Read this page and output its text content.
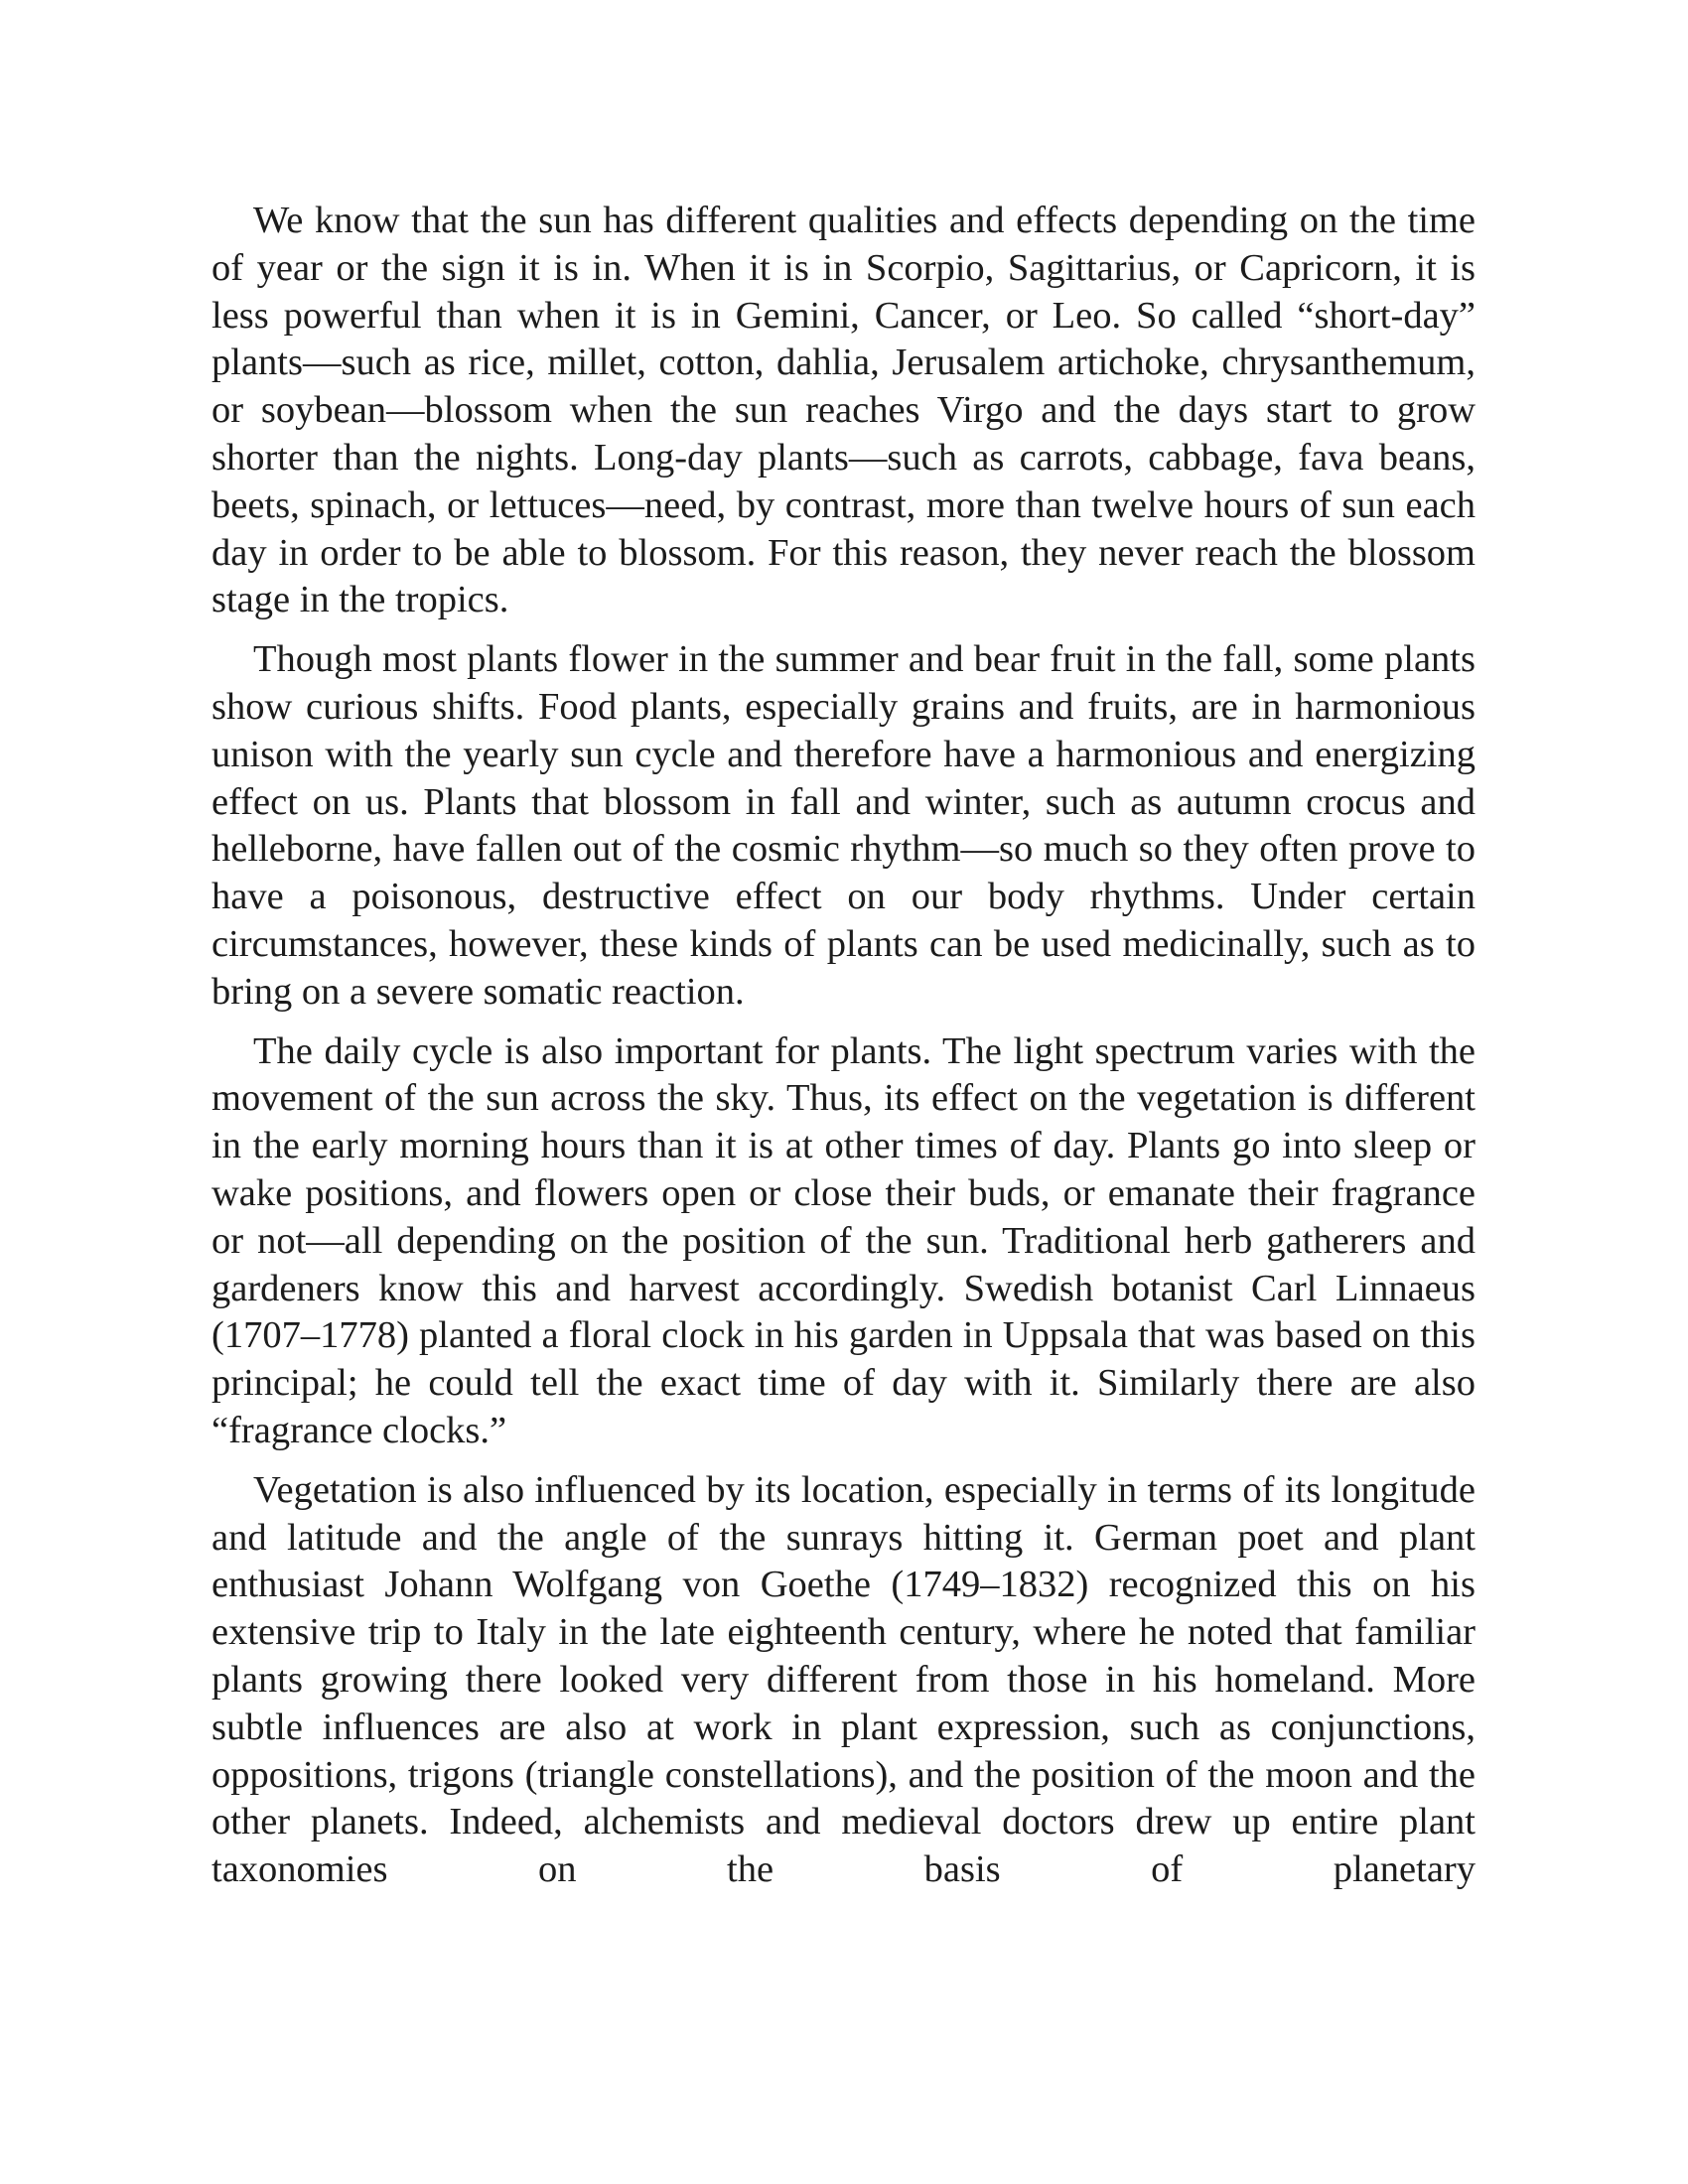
We know that the sun has different qualities and effects depending on the time of year or the sign it is in. When it is in Scorpio, Sagittarius, or Capricorn, it is less powerful than when it is in Gemini, Cancer, or Leo. So called “short-day” plants—such as rice, millet, cotton, dahlia, Jerusalem artichoke, chrysanthemum, or soybean—blossom when the sun reaches Virgo and the days start to grow shorter than the nights. Long-day plants—such as carrots, cabbage, fava beans, beets, spinach, or lettuces—need, by contrast, more than twelve hours of sun each day in order to be able to blossom. For this reason, they never reach the blossom stage in the tropics.

Though most plants flower in the summer and bear fruit in the fall, some plants show curious shifts. Food plants, especially grains and fruits, are in harmonious unison with the yearly sun cycle and therefore have a harmonious and energizing effect on us. Plants that blossom in fall and winter, such as autumn crocus and helleborne, have fallen out of the cosmic rhythm—so much so they often prove to have a poisonous, destructive effect on our body rhythms. Under certain circumstances, however, these kinds of plants can be used medicinally, such as to bring on a severe somatic reaction.

The daily cycle is also important for plants. The light spectrum varies with the movement of the sun across the sky. Thus, its effect on the vegetation is different in the early morning hours than it is at other times of day. Plants go into sleep or wake positions, and flowers open or close their buds, or emanate their fragrance or not—all depending on the position of the sun. Traditional herb gatherers and gardeners know this and harvest accordingly. Swedish botanist Carl Linnaeus (1707–1778) planted a floral clock in his garden in Uppsala that was based on this principal; he could tell the exact time of day with it. Similarly there are also “fragrance clocks.”

Vegetation is also influenced by its location, especially in terms of its longitude and latitude and the angle of the sunrays hitting it. German poet and plant enthusiast Johann Wolfgang von Goethe (1749–1832) recognized this on his extensive trip to Italy in the late eighteenth century, where he noted that familiar plants growing there looked very different from those in his homeland. More subtle influences are also at work in plant expression, such as conjunctions, oppositions, trigons (triangle constellations), and the position of the moon and the other planets. Indeed, alchemists and medieval doctors drew up entire plant taxonomies on the basis of planetary
